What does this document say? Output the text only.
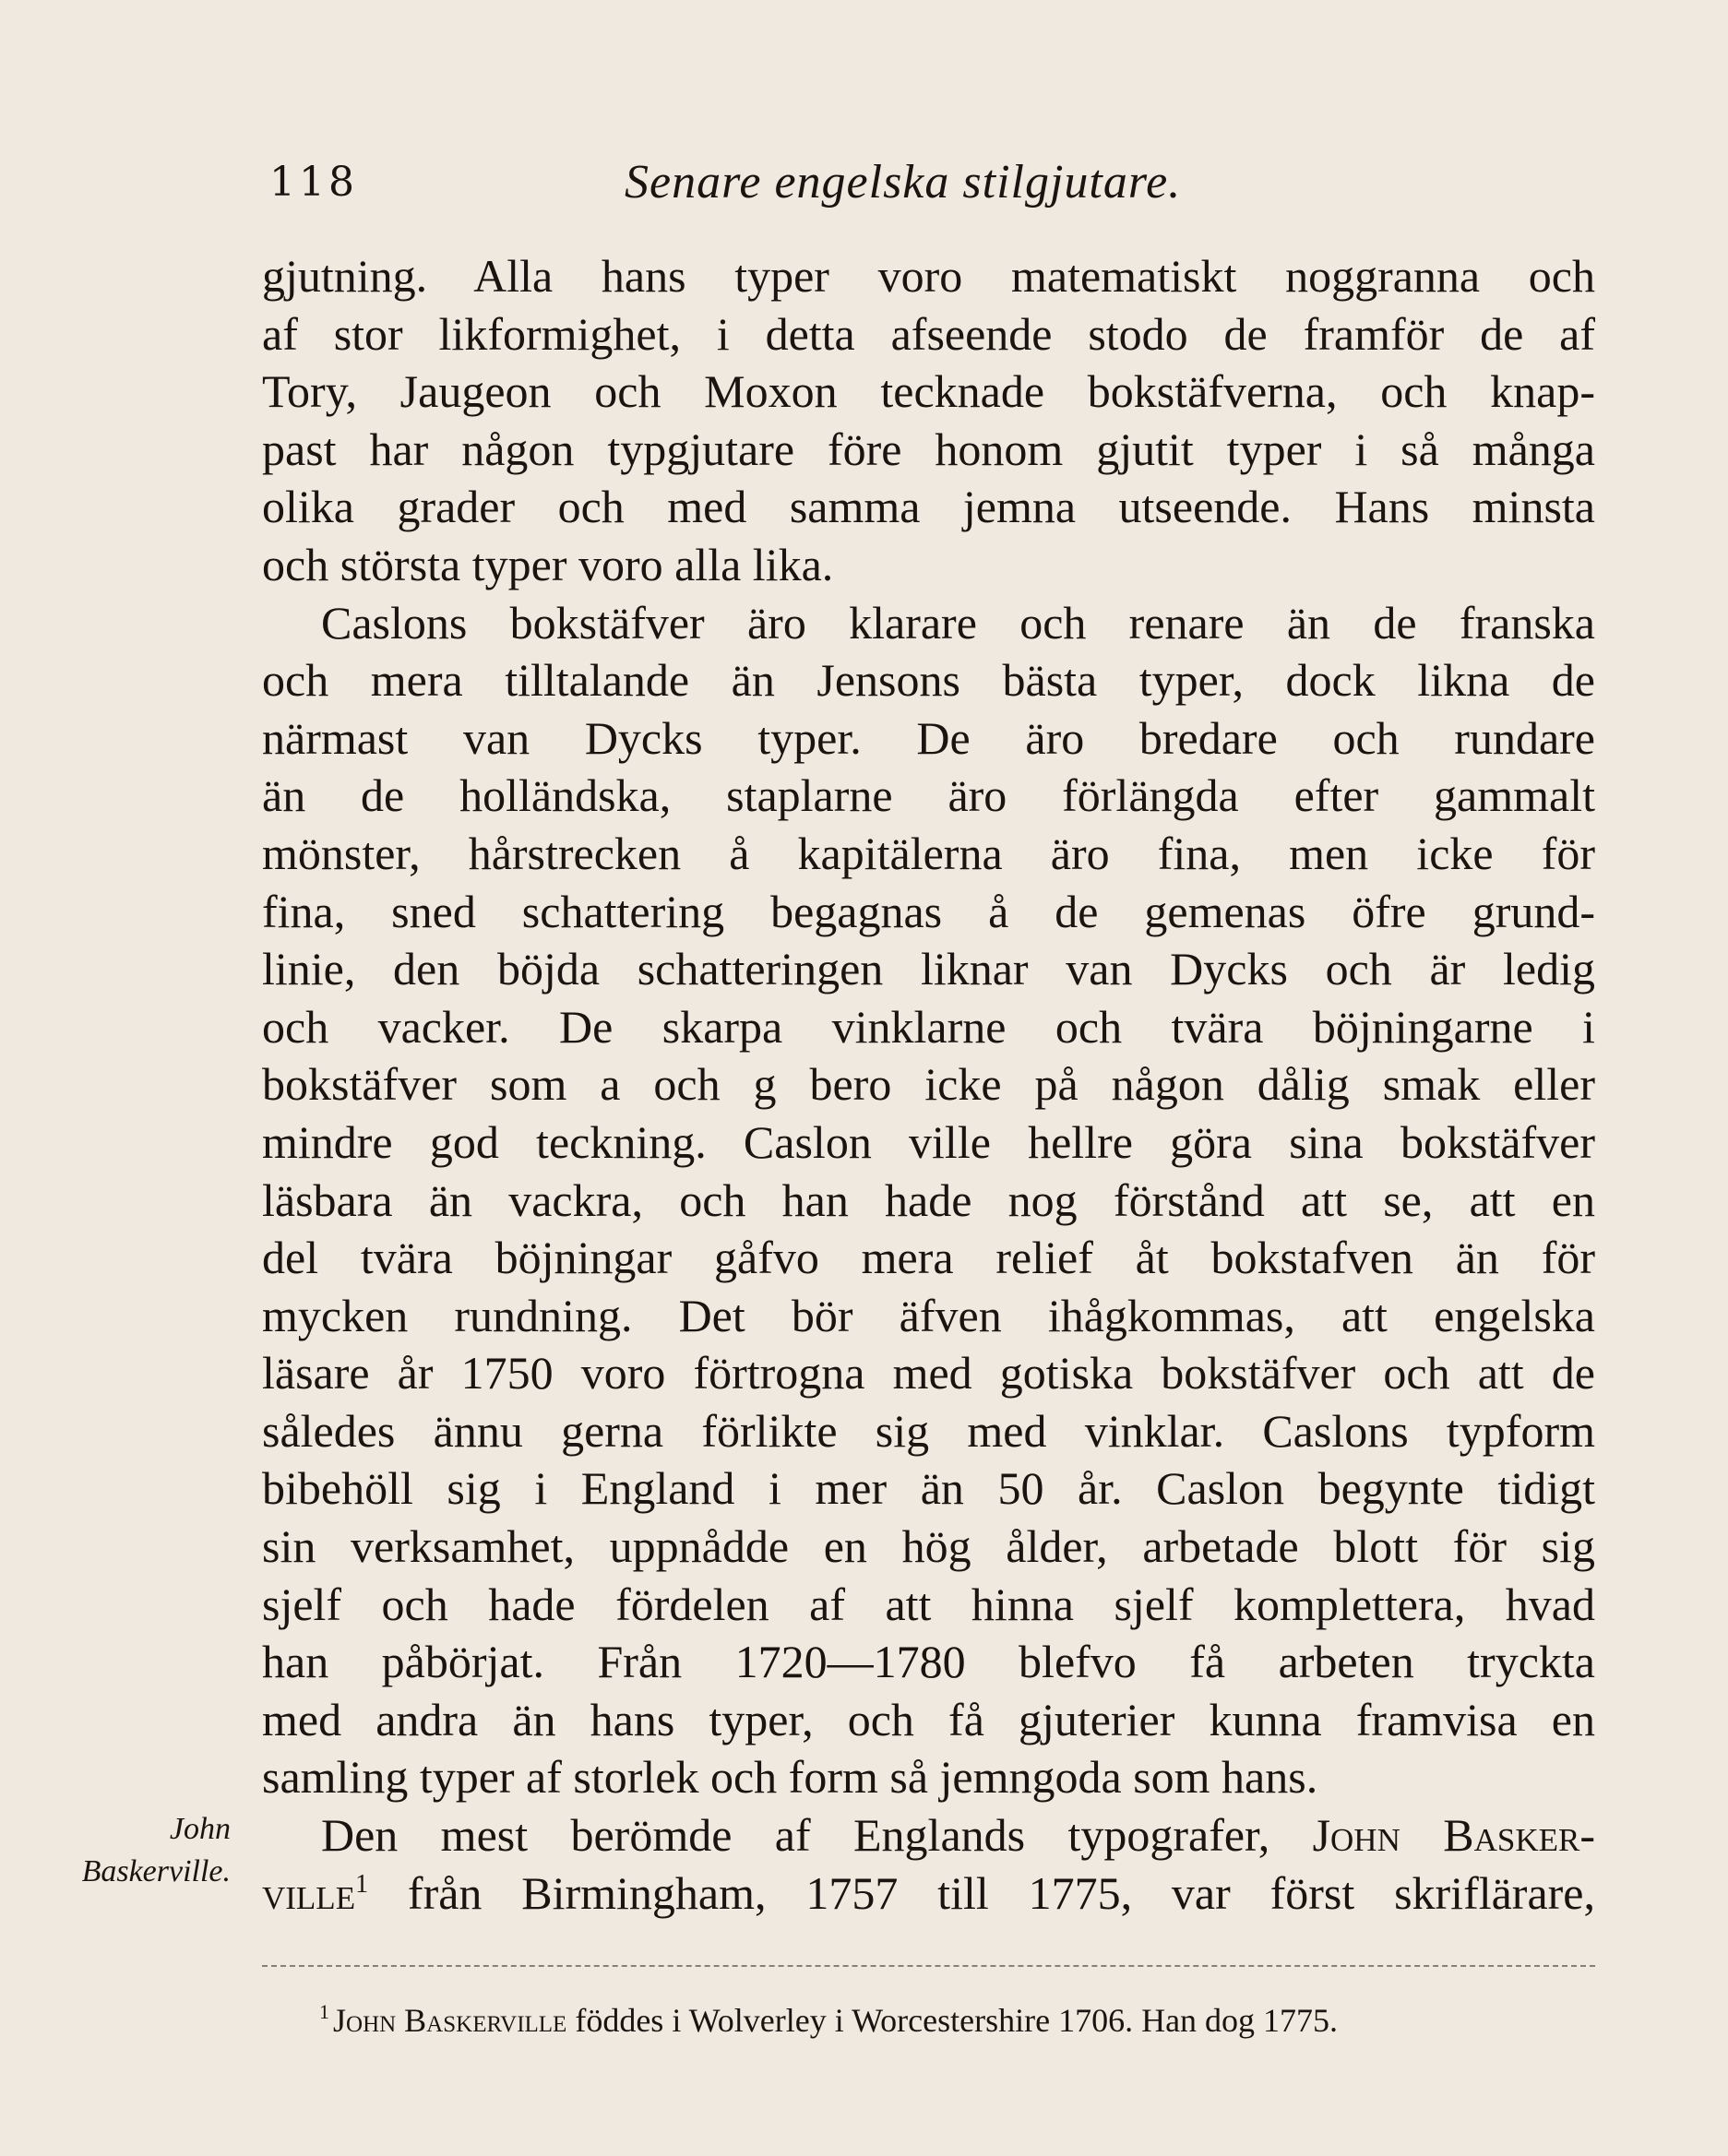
118	Senare engelska stilgjutare.
gjutning. Alla hans typer voro matematiskt noggranna och
af stor likformighet, i detta afseende stodo de framför de af
Tory, Jaugeon och Moxon tecknade bokstäfverna, och knap-
past har någon typgjutare före honom gjutit typer i så många
olika grader och med samma jemna utseende. Hans minsta
och största typer voro alla lika.
Caslons bokstäfver äro klarare och renare än de franska
och mera tilltalande än Jensons bästa typer, dock likna de
närmast van Dycks typer. De äro bredare och rundare
än de holländska, staplarne äro förlängda efter gammalt
mönster, hårstrecken å kapitälerna äro fina, men icke för
fina, sned schattering begagnas å de gemenas öfre grund-
linie, den böjda schatteringen liknar van Dycks och är ledig
och vacker. De skarpa vinklarne och tvära böjningarne i
bokstäfver som a och g bero icke på någon dålig smak eller
mindre god teckning. Caslon ville hellre göra sina bokstäfver
läsbara än vackra, och han hade nog förstånd att se, att en
del tvära böjningar gåfvo mera relief åt bokstafven än för
mycken rundning. Det bör äfven ihågkommas, att engelska
läsare år 1750 voro förtrogna med gotiska bokstäfver och att de
således ännu gerna förlikte sig med vinklar. Caslons typform
bibehöll sig i England i mer än 50 år. Caslon begynte tidigt
sin verksamhet, uppnådde en hög ålder, arbetade blott för sig
sjelf och hade fördelen af att hinna sjelf komplettera, hvad
han påbörjat. Från 1720—1780 blefvo få arbeten tryckta
med andra än hans typer, och få gjuterier kunna framvisa en
samling typer af storlek och form så jemngoda som hans.
Den mest berömde af Englands typografer, John Basker-
ville$^1$ från Birmingham, 1757 till 1775, var först skriflärare,
John
Baskerville.
$^1$ John Baskerville föddes i Wolverley i Worcestershire 1706. Han dog 1775.
